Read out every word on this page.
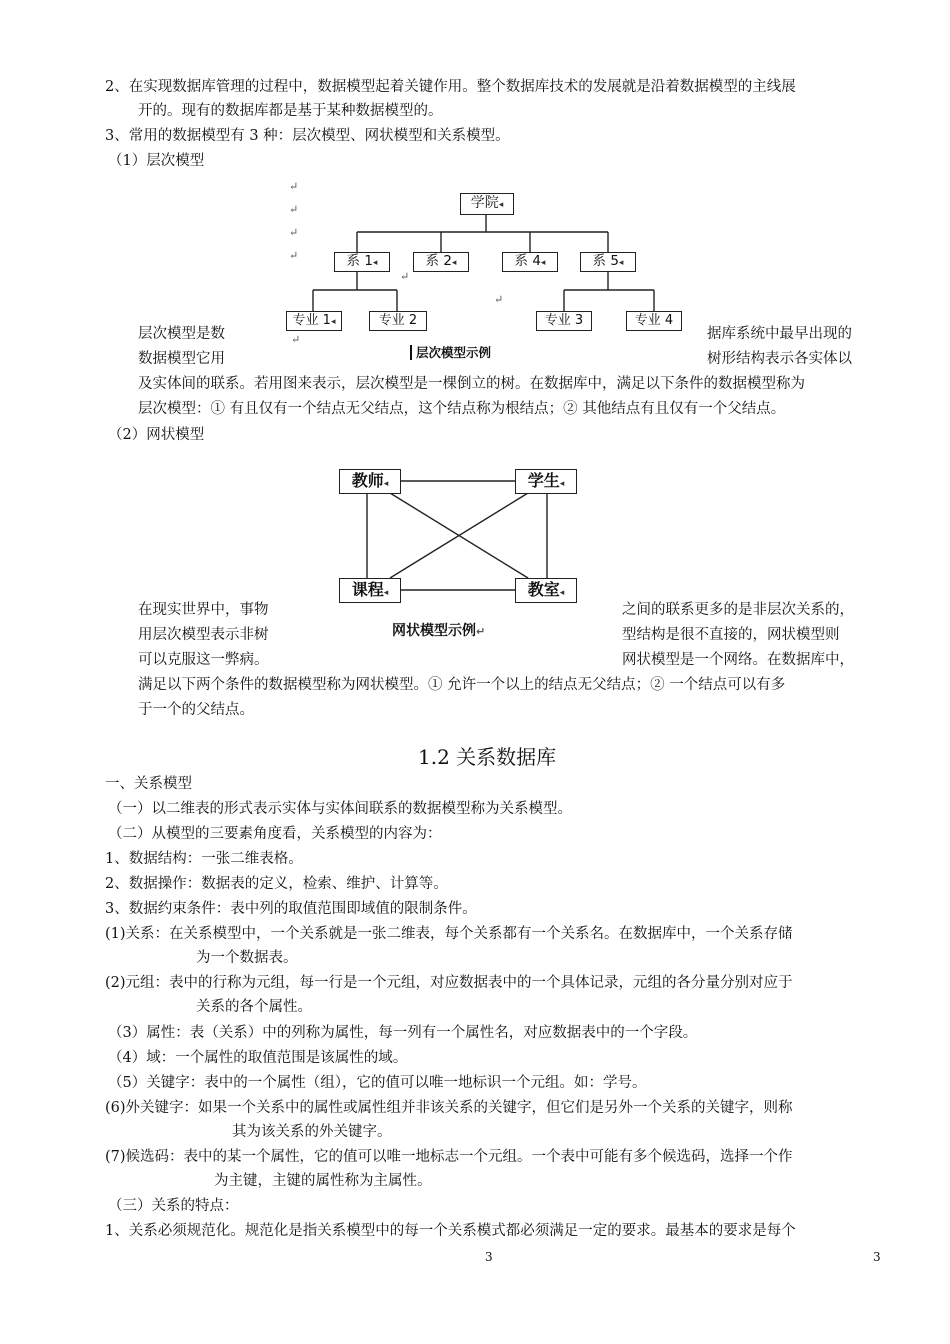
2、在实现数据库管理的过程中，数据模型起着关键作用。整个数据库技术的发展就是沿着数据模型的主线展
开的。现有的数据库都是基于某种数据模型的。
3、常用的数据模型有 3 种：层次模型、网状模型和关系模型。
（1）层次模型
↵
↵
↵
↵
↵
↵
↵
学院◂
系 1◂	系 2◂	系 4◂	系 5◂
专业 1◂	专业 2	专业 3	专业 4
层次模型示例
层次模型是数	据库系统中最早出现的
数据模型它用	树形结构表示各实体以
及实体间的联系。若用图来表示，层次模型是一棵倒立的树。在数据库中，满足以下条件的数据模型称为
层次模型：① 有且仅有一个结点无父结点，这个结点称为根结点；② 其他结点有且仅有一个父结点。
（2）网状模型
教师◂	学生◂
课程◂	教室◂
网状模型示例↵
在现实世界中，事物	之间的联系更多的是非层次关系的，
用层次模型表示非树	型结构是很不直接的，网状模型则
可以克服这一弊病。	网状模型是一个网络。在数据库中，
满足以下两个条件的数据模型称为网状模型。① 允许一个以上的结点无父结点；② 一个结点可以有多
于一个的父结点。
1.2 关系数据库
一、关系模型
（一）以二维表的形式表示实体与实体间联系的数据模型称为关系模型。
（二）从模型的三要素角度看，关系模型的内容为：
1、数据结构：一张二维表格。
2、数据操作：数据表的定义，检索、维护、计算等。
3、数据约束条件：表中列的取值范围即域值的限制条件。
(1)关系：在关系模型中，一个关系就是一张二维表，每个关系都有一个关系名。在数据库中，一个关系存储
为一个数据表。
(2)元组：表中的行称为元组，每一行是一个元组，对应数据表中的一个具体记录，元组的各分量分别对应于
关系的各个属性。
（3）属性：表（关系）中的列称为属性，每一列有一个属性名，对应数据表中的一个字段。
（4）域：一个属性的取值范围是该属性的域。
（5）关键字：表中的一个属性（组），它的值可以唯一地标识一个元组。如：学号。
(6)外关键字：如果一个关系中的属性或属性组并非该关系的关键字，但它们是另外一个关系的关键字，则称
其为该关系的外关键字。
(7)候选码：表中的某一个属性，它的值可以唯一地标志一个元组。一个表中可能有多个候选码，选择一个作
为主键，主键的属性称为主属性。
（三）关系的特点：
1、关系必须规范化。规范化是指关系模型中的每一个关系模式都必须满足一定的要求。最基本的要求是每个
3	3
